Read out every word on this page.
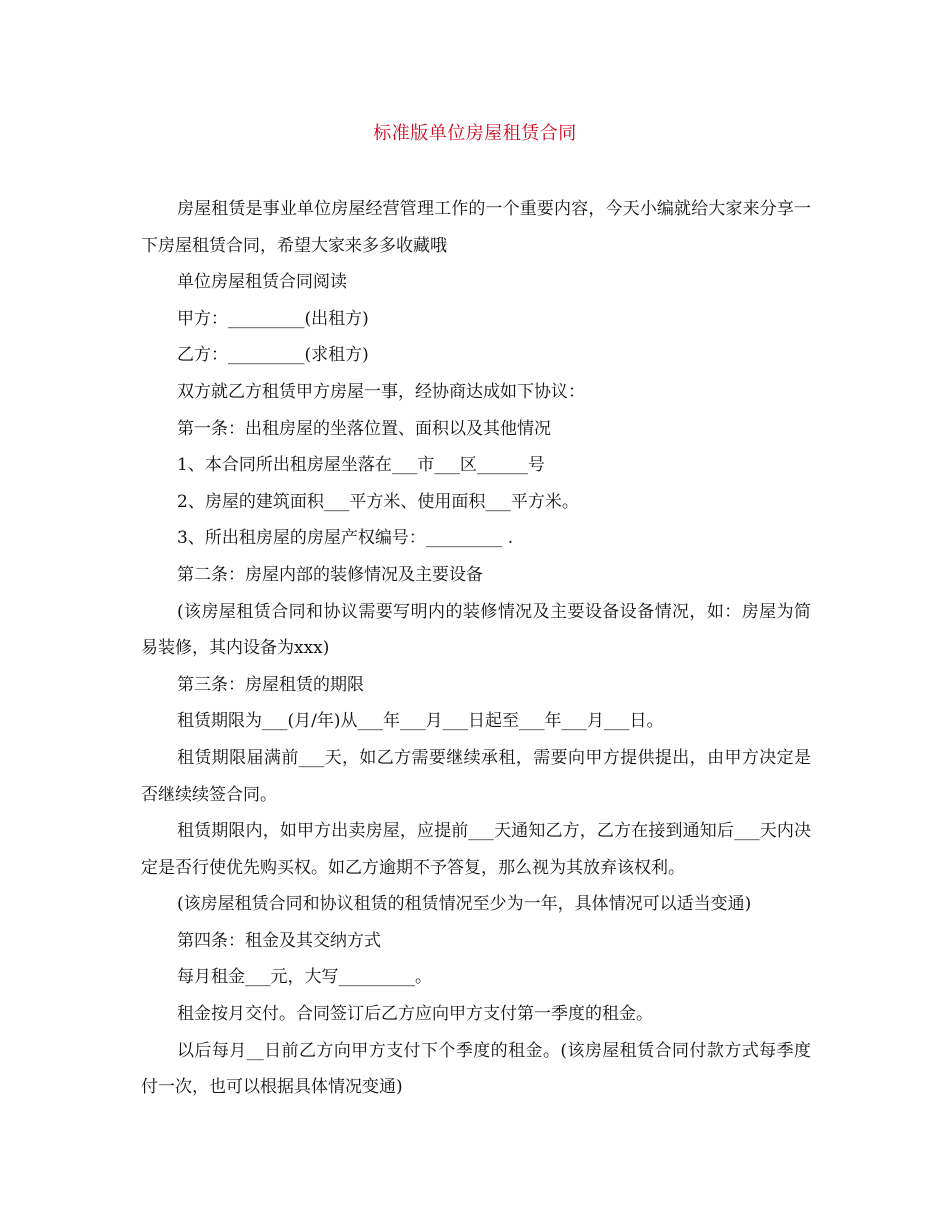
标准版单位房屋租赁合同

房屋租赁是事业单位房屋经营管理工作的一个重要内容，今天小编就给大家来分享一下房屋租赁合同，希望大家来多多收藏哦

单位房屋租赁合同阅读

甲方：_________(出租方)

乙方：_________(求租方)

双方就乙方租赁甲方房屋一事，经协商达成如下协议：

第一条：出租房屋的坐落位置、面积以及其他情况

1、本合同所出租房屋坐落在___市___区______号

2、房屋的建筑面积___平方米、使用面积___平方米。

3、所出租房屋的房屋产权编号：_________ .

第二条：房屋内部的装修情况及主要设备

(该房屋租赁合同和协议需要写明内的装修情况及主要设备设备情况，如：房屋为简易装修，其内设备为xxx)

第三条：房屋租赁的期限

租赁期限为___(月/年)从___年___月___日起至___年___月___日。

租赁期限届满前___天，如乙方需要继续承租，需要向甲方提供提出，由甲方决定是否继续续签合同。

租赁期限内，如甲方出卖房屋，应提前___天通知乙方，乙方在接到通知后___天内决定是否行使优先购买权。如乙方逾期不予答复，那么视为其放弃该权利。

(该房屋租赁合同和协议租赁的租赁情况至少为一年，具体情况可以适当变通)

第四条：租金及其交纳方式

每月租金___元，大写_________。

租金按月交付。合同签订后乙方应向甲方支付第一季度的租金。

以后每月__日前乙方向甲方支付下个季度的租金。(该房屋租赁合同付款方式每季度付一次，也可以根据具体情况变通)
